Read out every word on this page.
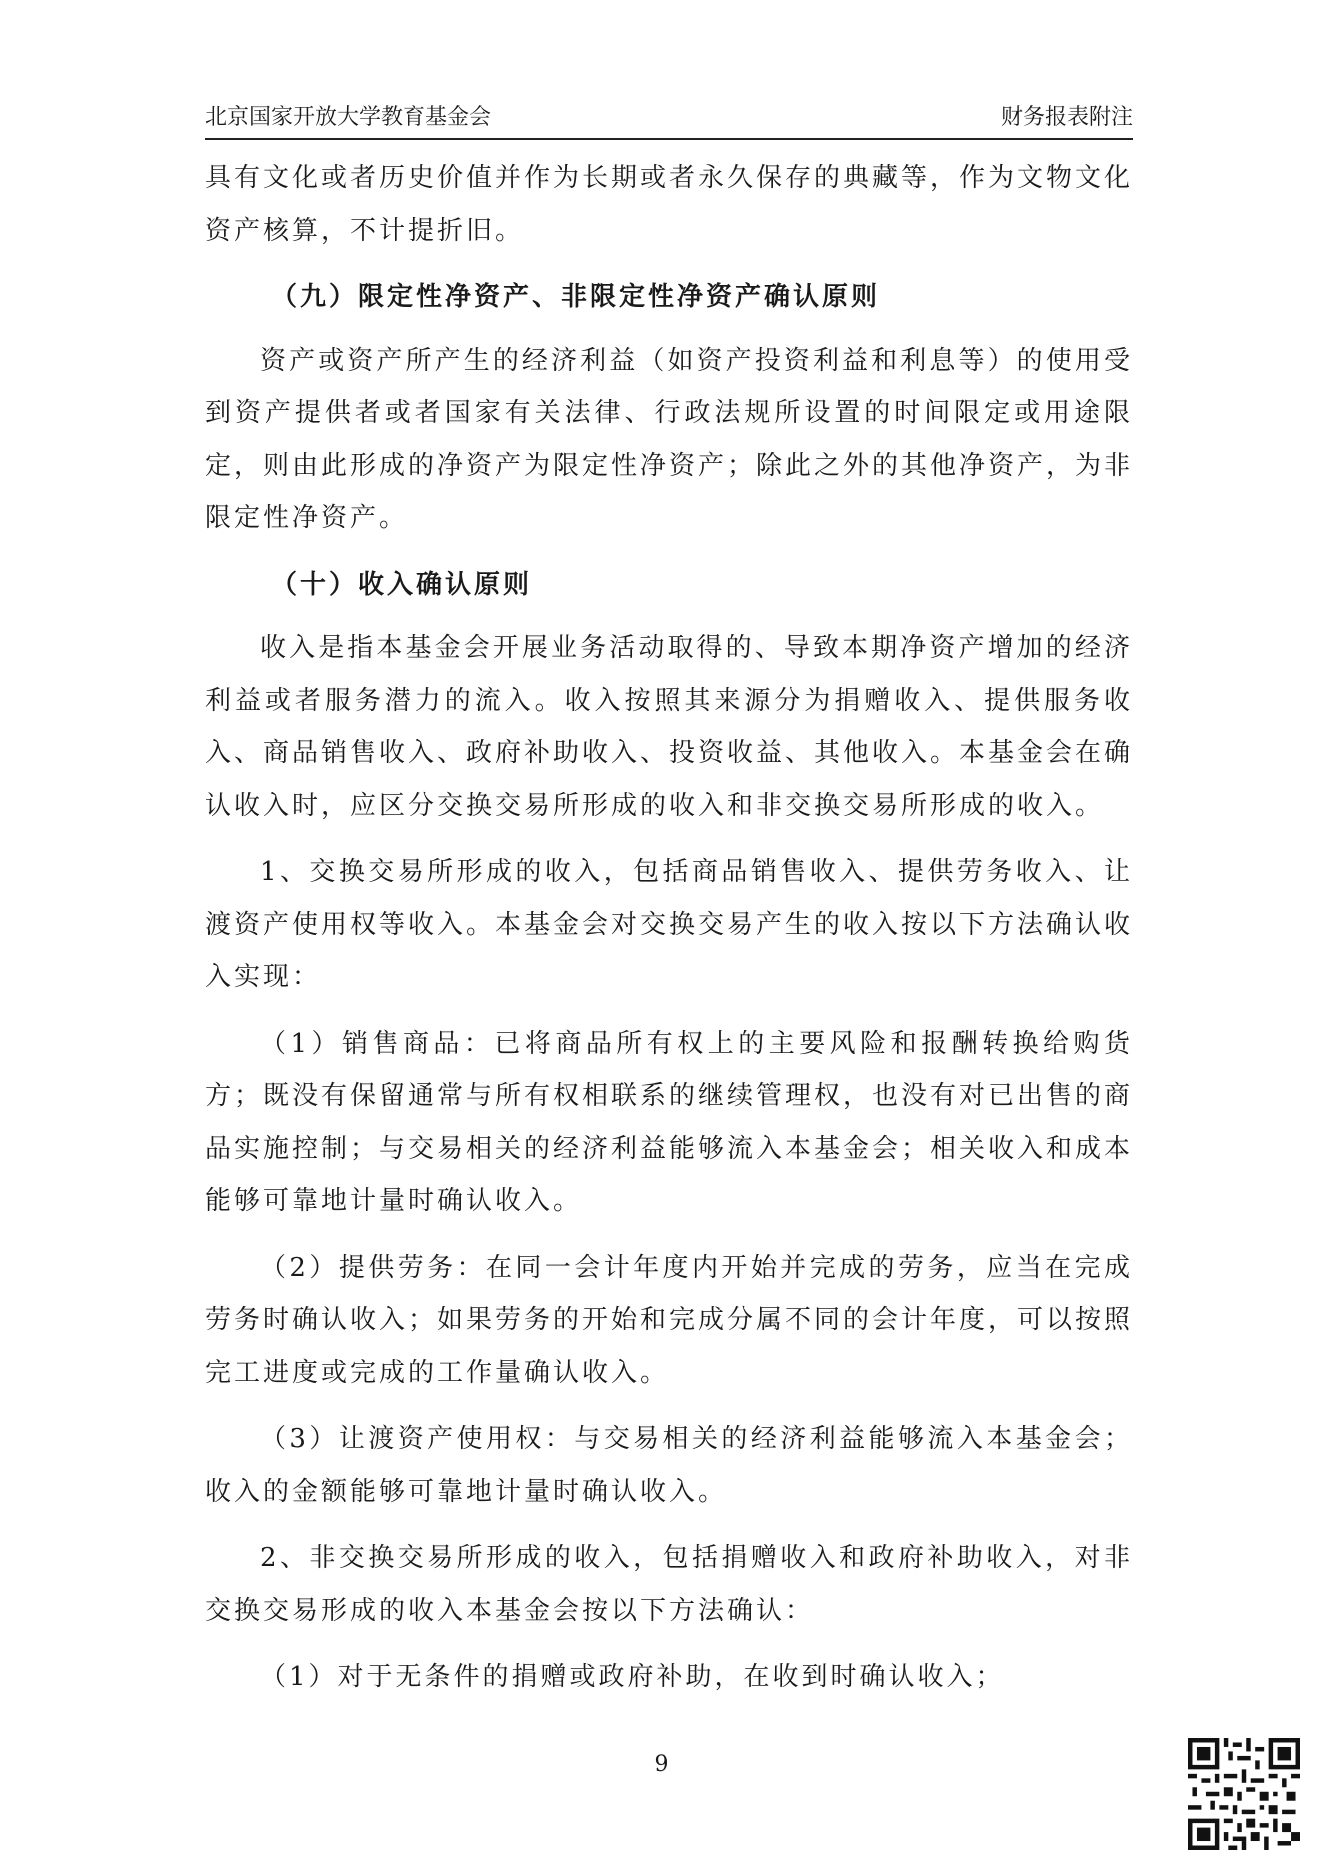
北京国家开放大学教育基金会	财务报表附注

具有文化或者历史价值并作为长期或者永久保存的典藏等，作为文物文化资产核算，不计提折旧。

（九）限定性净资产、非限定性净资产确认原则

资产或资产所产生的经济利益（如资产投资利益和利息等）的使用受到资产提供者或者国家有关法律、行政法规所设置的时间限定或用途限定，则由此形成的净资产为限定性净资产；除此之外的其他净资产，为非限定性净资产。

（十）收入确认原则

收入是指本基金会开展业务活动取得的、导致本期净资产增加的经济利益或者服务潜力的流入。收入按照其来源分为捐赠收入、提供服务收入、商品销售收入、政府补助收入、投资收益、其他收入。本基金会在确认收入时，应区分交换交易所形成的收入和非交换交易所形成的收入。

1、交换交易所形成的收入，包括商品销售收入、提供劳务收入、让渡资产使用权等收入。本基金会对交换交易产生的收入按以下方法确认收入实现：

（1）销售商品：已将商品所有权上的主要风险和报酬转换给购货方；既没有保留通常与所有权相联系的继续管理权，也没有对已出售的商品实施控制；与交易相关的经济利益能够流入本基金会；相关收入和成本能够可靠地计量时确认收入。

（2）提供劳务：在同一会计年度内开始并完成的劳务，应当在完成劳务时确认收入；如果劳务的开始和完成分属不同的会计年度，可以按照完工进度或完成的工作量确认收入。

（3）让渡资产使用权：与交易相关的经济利益能够流入本基金会；收入的金额能够可靠地计量时确认收入。

2、非交换交易所形成的收入，包括捐赠收入和政府补助收入，对非交换交易形成的收入本基金会按以下方法确认：

（1）对于无条件的捐赠或政府补助，在收到时确认收入；

9
